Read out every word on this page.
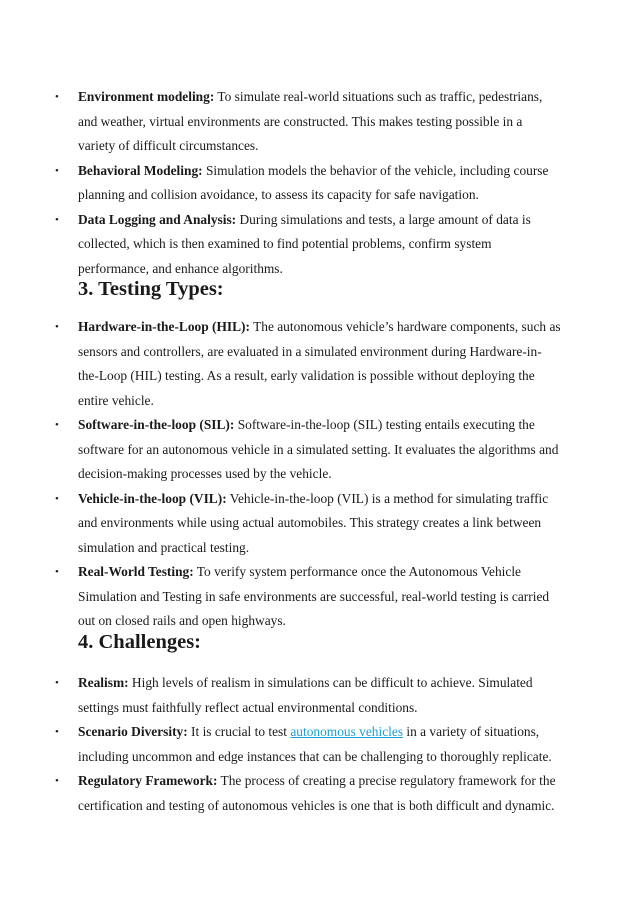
• Environment modeling: To simulate real-world situations such as traffic, pedestrians, and weather, virtual environments are constructed. This makes testing possible in a variety of difficult circumstances.
• Behavioral Modeling: Simulation models the behavior of the vehicle, including course planning and collision avoidance, to assess its capacity for safe navigation.
• Data Logging and Analysis: During simulations and tests, a large amount of data is collected, which is then examined to find potential problems, confirm system performance, and enhance algorithms.
3. Testing Types:
• Hardware-in-the-Loop (HIL): The autonomous vehicle’s hardware components, such as sensors and controllers, are evaluated in a simulated environment during Hardware-in-the-Loop (HIL) testing. As a result, early validation is possible without deploying the entire vehicle.
• Software-in-the-loop (SIL): Software-in-the-loop (SIL) testing entails executing the software for an autonomous vehicle in a simulated setting. It evaluates the algorithms and decision-making processes used by the vehicle.
• Vehicle-in-the-loop (VIL): Vehicle-in-the-loop (VIL) is a method for simulating traffic and environments while using actual automobiles. This strategy creates a link between simulation and practical testing.
• Real-World Testing: To verify system performance once the Autonomous Vehicle Simulation and Testing in safe environments are successful, real-world testing is carried out on closed rails and open highways.
4. Challenges:
• Realism: High levels of realism in simulations can be difficult to achieve. Simulated settings must faithfully reflect actual environmental conditions.
• Scenario Diversity: It is crucial to test autonomous vehicles in a variety of situations, including uncommon and edge instances that can be challenging to thoroughly replicate.
• Regulatory Framework: The process of creating a precise regulatory framework for the certification and testing of autonomous vehicles is one that is both difficult and dynamic.
